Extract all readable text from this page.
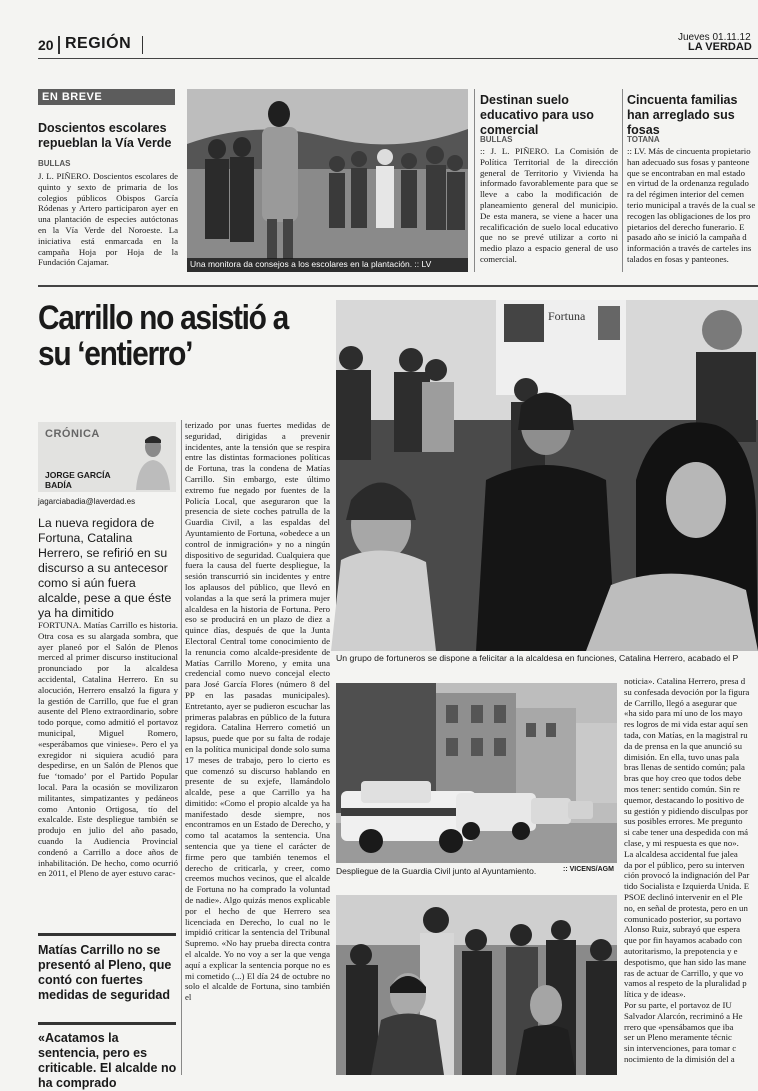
20 REGIÓN	Jueves 01.11.12
LA VERDAD
EN BREVE
Doscientos escolares repueblan la Vía Verde
BULLAS
J. L. PIÑERO. Doscientos escolares de quinto y sexto de primaria de los colegios públicos Obispos García Ródenas y Artero participaron ayer en una plantación de especies autóctonas en la Vía Verde del Noroeste. La iniciativa está enmarcada en la campaña Hoja por Hoja de la Fundación Cajamar.	Una monitora da consejos a los escolares en la plantación. :: LV
Destinan suelo educativo para uso comercial
BULLAS
:: J. L. PIÑERO. La Comisión de Política Territorial de la dirección general de Territorio y Vivienda ha informado favorablemente para que se lleve a cabo la modificación de planeamiento general del municipio. De esta manera, se viene a hacer una recalificación de suelo local educativo que no se prevé utilizar a corto ni medio plazo a espacio general de uso comercial.
Cincuenta familias han arreglado sus fosas
TOTANA
:: LV. Más de cincuenta propietario
han adecuado sus fosas y panteone
que se encontraban en mal estado
en virtud de la ordenanza regulado
ra del régimen interior del cemen
terio municipal a través de la cual se
recogen las obligaciones de los pro
pietarios del derecho funerario. E
pasado año se inició la campaña d
información a través de carteles ins
talados en fosas y panteones.
Carrillo no asistió a su ‘entierro’
CRÓNICA
JORGE GARCÍA BADÍA
jagarciabadia@laverdad.es
La nueva regidora de Fortuna, Catalina Herrero, se refirió en su discurso a su antecesor como si aún fuera alcalde, pese a que éste ya ha dimitido
FORTUNA. Matías Carrillo es historia. Otra cosa es su alargada sombra, que ayer planeó por el Salón de Plenos merced al primer discurso institucional pronunciado por la alcaldesa accidental, Catalina Herrero. En su alocución, Herrero ensalzó la figura y la gestión de Carrillo, que fue el gran ausente del Pleno extraordinario, sobre todo porque, como admitió el portavoz municipal, Miguel Romero, «esperábamos que viniese». Pero el ya exregidor ni siquiera acudió para despedirse, en un Salón de Plenos que fue ‘tomado’ por el Partido Popular local. Para la ocasión se movilizaron militantes, simpatizantes y pedáneos como Antonio Ortigosa, tío del exalcalde. Este despliegue también se produjo en julio del año pasado, cuando la Audiencia Provincial condenó a Carrillo a doce años de inhabilitación. De hecho, como ocurrió en 2011, el Pleno de ayer estuvo carac-
terizado por unas fuertes medidas de seguridad, dirigidas a prevenir incidentes, ante la tensión que se respira entre las distintas formaciones políticas de Fortuna, tras la condena de Matías Carrillo. Sin embargo, este último extremo fue negado por fuentes de la Policía Local, que aseguraron que la presencia de siete coches patrulla de la Guardia Civil, a las espaldas del Ayuntamiento de Fortuna, «obedece a un control de inmigración» y no a ningún dispositivo de seguridad. Cualquiera que fuera la causa del fuerte despliegue, la sesión transcurrió sin incidentes y entre los aplausos del público, que llevó en volandas a la que será la primera mujer alcaldesa en la historia de Fortuna. Pero eso se producirá en un plazo de diez a quince días, después de que la Junta Electoral Central tome conocimiento de la renuncia como alcalde-presidente de Matías Carrillo Moreno, y emita una credencial como nuevo concejal electo para José García Flores (número 8 del PP en las pasadas municipales). Entretanto, ayer se pudieron escuchar las primeras palabras en público de la futura regidora. Catalina Herrero cometió un lapsus, puede que por su falta de rodaje en la política municipal donde solo suma 17 meses de trabajo, pero lo cierto es que comenzó su discurso hablando en presente de su exjefe, llamándolo alcalde, pese a que Carrillo ya ha dimitido: «Como el propio alcalde ya ha manifestado desde siempre, nos encontramos en un Estado de Derecho, y como tal acatamos la sentencia. Una sentencia que ya tiene el carácter de firme pero que también tenemos el derecho de criticarla, y creer, como creemos muchos vecinos, que el alcalde de Fortuna no ha comprado la voluntad de nadie». Algo quizás menos explicable por el hecho de que Herrero sea licenciada en Derecho, lo cual no le impidió criticar la sentencia del Tribunal Supremo. «No hay prueba directa contra el alcalde. Yo no voy a ser la que venga aquí a explicar la sentencia porque no es mi cometido (...) El día 24 de octubre no solo el alcalde de Fortuna, sino también el
Matías Carrillo no se presentó al Pleno, que contó con fuertes medidas de seguridad
«Acatamos la sentencia, pero es criticable. El alcalde no ha comprado
Fortuna
Un grupo de fortuneros se dispone a felicitar a la alcaldesa en funciones, Catalina Herrero, acabado el P
Despliegue de la Guardia Civil junto al Ayuntamiento.	:: VICENS/AGM
noticia». Catalina Herrero, presa d
su confesada devoción por la figura
de Carrillo, llegó a asegurar que
«ha sido para mí uno de los mayo
res logros de mi vida estar aquí sen
tada, con Matías, en la magistral ru
da de prensa en la que anunció su
dimisión. En ella, tuvo unas pala
bras llenas de sentido común; pala
bras que hoy creo que todos debe
mos tener: sentido común. Sin re
quemor, destacando lo positivo de
su gestión y pidiendo disculpas por
sus posibles errores. Me pregunto
si cabe tener una despedida con má
clase, y mi respuesta es que no».
La alcaldesa accidental fue jalea
da por el público, pero su interven
ción provocó la indignación del Par
tido Socialista e Izquierda Unida. E
PSOE declinó intervenir en el Ple
no, en señal de protesta, pero en un
comunicado posterior, su portavo
Alonso Ruiz, subrayó que espera
que por fin hayamos acabado con
autoritarismo, la prepotencia y e
despotismo, que han sido las mane
ras de actuar de Carrillo, y que vo
vamos al respeto de la pluralidad p
lítica y de ideas».
Por su parte, el portavoz de IU
Salvador Alarcón, recriminó a He
rrero que «pensábamos que iba
ser un Pleno meramente técnic
sin intervenciones, para tomar c
nocimiento de la dimisión del a
